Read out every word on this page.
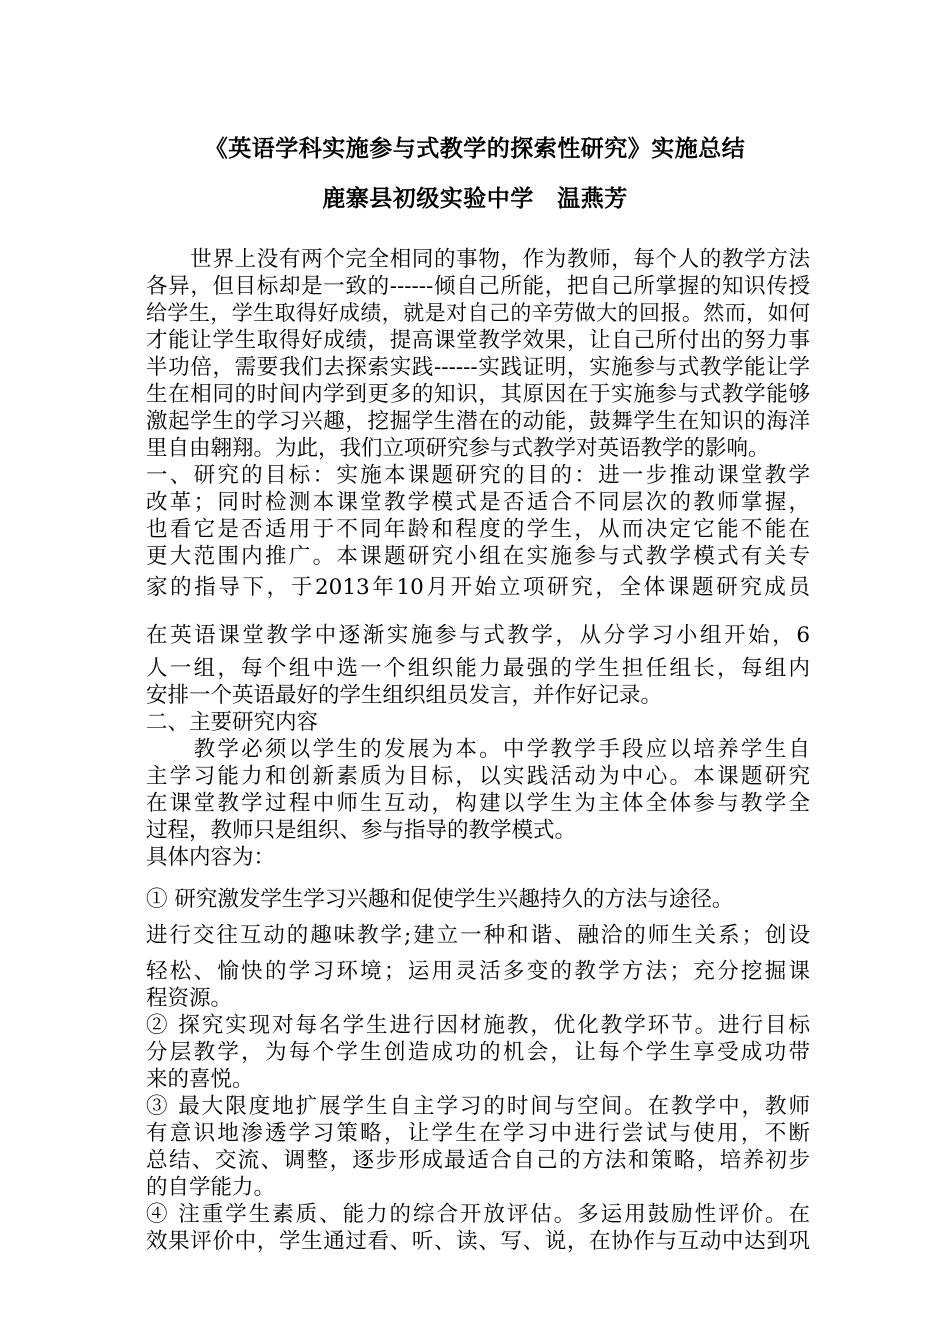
《英语学科实施参与式教学的探索性研究》实施总结
鹿寨县初级实验中学　温燕芳
　　世界上没有两个完全相同的事物，作为教师，每个人的教学方法
各异，但目标却是一致的------倾自己所能，把自己所掌握的知识传授
给学生，学生取得好成绩，就是对自己的辛劳做大的回报。然而，如何
才能让学生取得好成绩，提高课堂教学效果，让自己所付出的努力事
半功倍，需要我们去探索实践------实践证明，实施参与式教学能让学
生在相同的时间内学到更多的知识，其原因在于实施参与式教学能够
激起学生的学习兴趣，挖掘学生潜在的动能，鼓舞学生在知识的海洋
里自由翱翔。为此，我们立项研究参与式教学对英语教学的影响。
一、研究的目标：实施本课题研究的目的：进一步推动课堂教学
改革；同时检测本课堂教学模式是否适合不同层次的教师掌握，
也看它是否适用于不同年龄和程度的学生，从而决定它能不能在
更大范围内推广。本课题研究小组在实施参与式教学模式有关专
家的指导下，于2013年10月开始立项研究，全体课题研究成员
在英语课堂教学中逐渐实施参与式教学，从分学习小组开始，6
人一组，每个组中选一个组织能力最强的学生担任组长，每组内
安排一个英语最好的学生组织组员发言，并作好记录。
二、主要研究内容
　　教学必须以学生的发展为本。中学教学手段应以培养学生自
主学习能力和创新素质为目标，以实践活动为中心。本课题研究
在课堂教学过程中师生互动，构建以学生为主体全体参与教学全
过程，教师只是组织、参与指导的教学模式。
具体内容为：
① 研究激发学生学习兴趣和促使学生兴趣持久的方法与途径。
进行交往互动的趣味教学;建立一种和谐、融洽的师生关系；创设
轻松、愉快的学习环境；运用灵活多变的教学方法；充分挖掘课
程资源。
② 探究实现对每名学生进行因材施教，优化教学环节。进行目标
分层教学，为每个学生创造成功的机会，让每个学生享受成功带
来的喜悦。
③ 最大限度地扩展学生自主学习的时间与空间。在教学中，教师
有意识地渗透学习策略，让学生在学习中进行尝试与使用，不断
总结、交流、调整，逐步形成最适合自己的方法和策略，培养初步
的自学能力。
④ 注重学生素质、能力的综合开放评估。多运用鼓励性评价。在
效果评价中，学生通过看、听、读、写、说，在协作与互动中达到巩
